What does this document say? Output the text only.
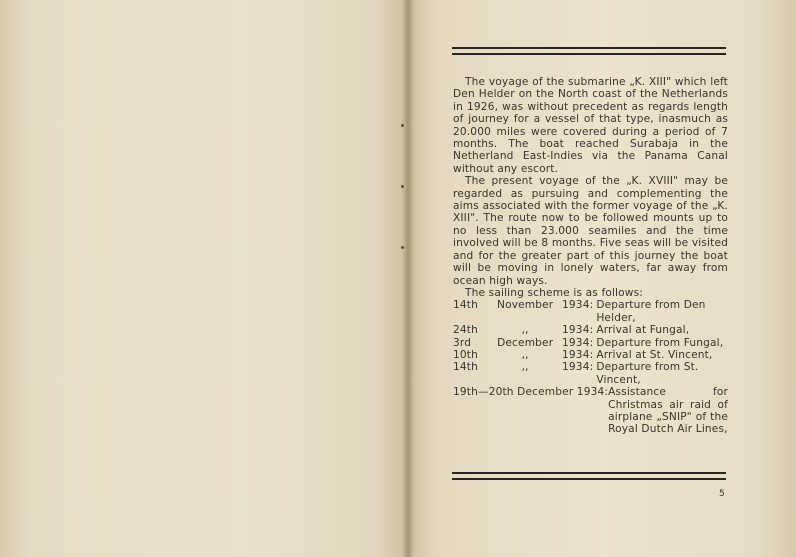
The voyage of the submarine „K. XIII" which left Den Helder on the North coast of the Netherlands in 1926, was without precedent as regards length of journey for a vessel of that type, inasmuch as 20.000 miles were covered during a period of 7 months. The boat reached Surabaja in the Netherland East-Indies via the Panama Canal without any escort.

The present voyage of the „K. XVIII" may be regarded as pursuing and complementing the aims associated with the former voyage of the „K. XIII". The route now to be followed mounts up to no less than 23.000 seamiles and the time involved will be 8 months. Five seas will be visited and for the greater part of this journey the boat will be moving in lonely waters, far away from ocean high ways.

The sailing scheme is as follows:

14th	November	1934:	Departure from Den Helder,
24th	,,	1934:	Arrival at Fungal,
3rd	December	1934:	Departure from Fungal,
10th	,,	1934:	Arrival at St. Vincent,
14th	,,	1934:	Departure from St. Vincent,
19th—20th December 1934:	Assistance for Christmas air raid of airplane „SNIP" of the Royal Dutch Air Lines,
5
